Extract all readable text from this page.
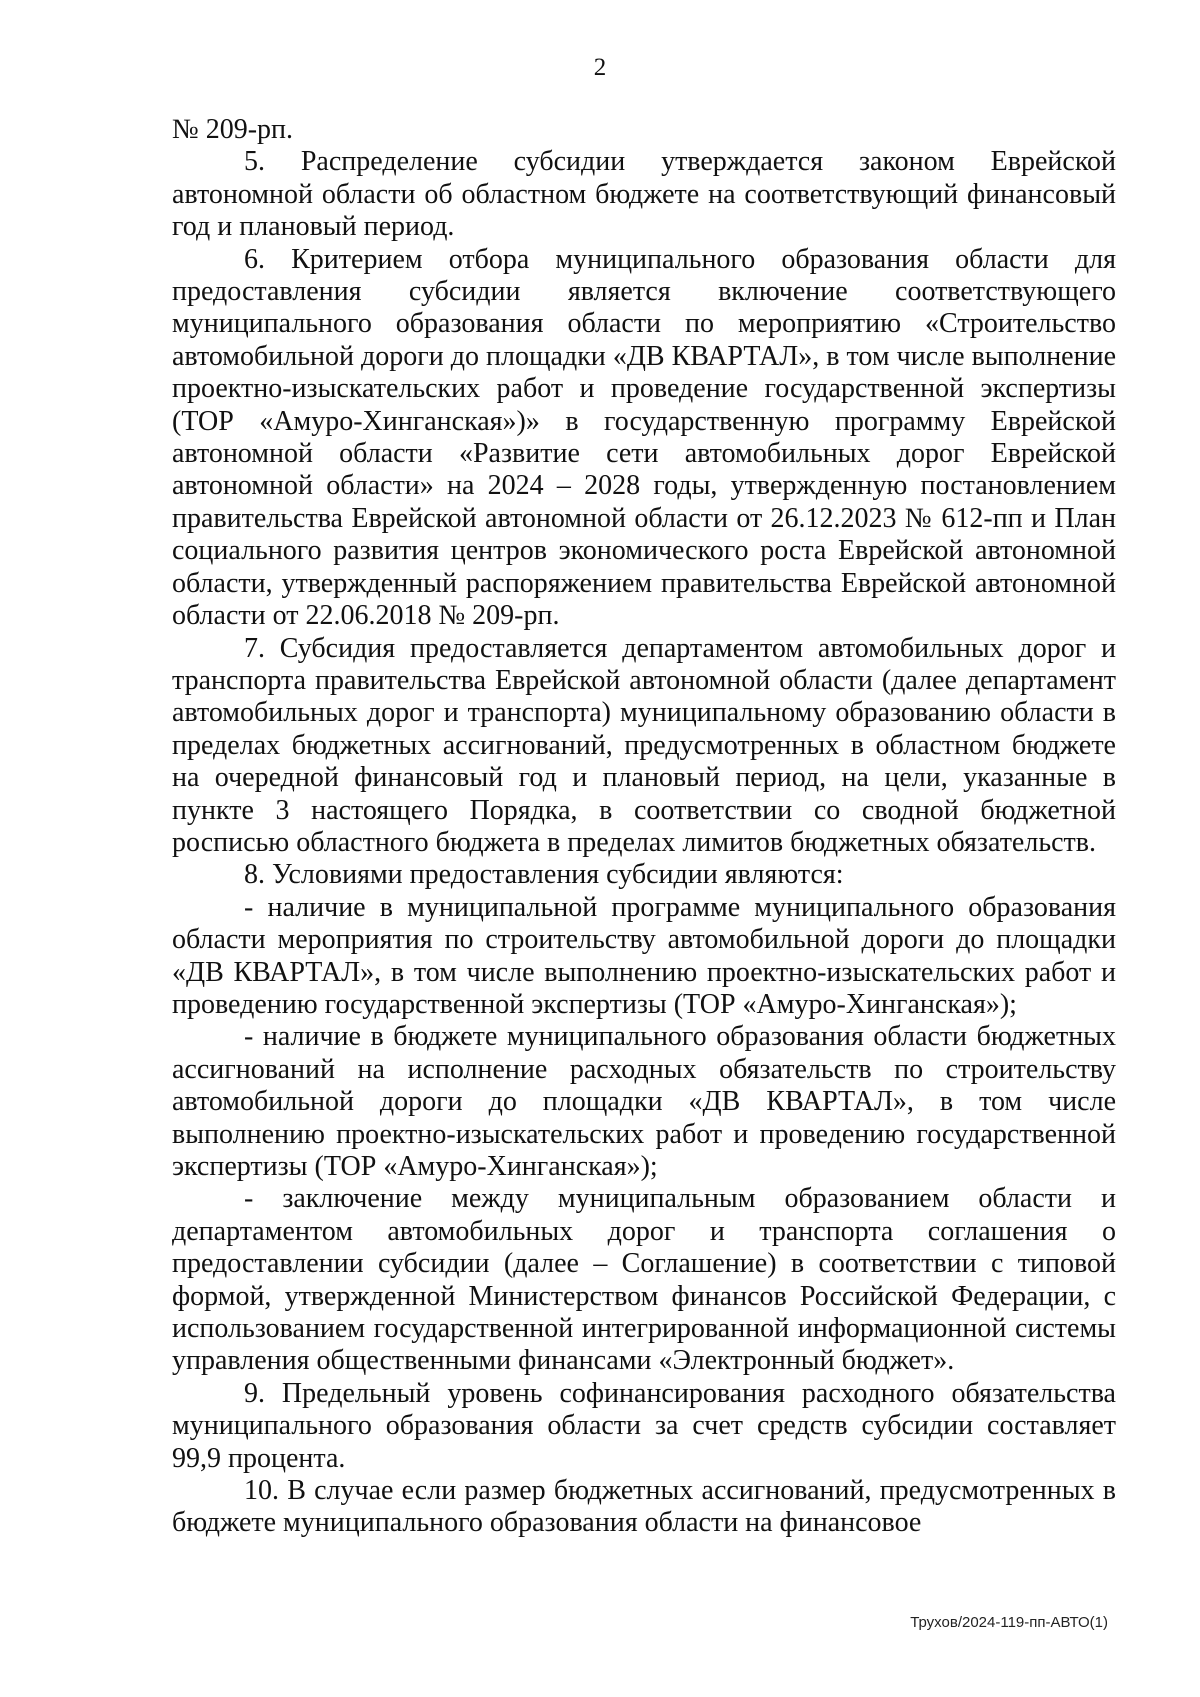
2

№ 209-рп.

5. Распределение субсидии утверждается законом Еврейской автономной области об областном бюджете на соответствующий финансовый год и плановый период.

6. Критерием отбора муниципального образования области для предоставления субсидии является включение соответствующего муниципального образования области по мероприятию «Строительство автомобильной дороги до площадки «ДВ КВАРТАЛ», в том числе выполнение проектно-изыскательских работ и проведение государственной экспертизы (ТОР «Амуро-Хинганская»)» в государственную программу Еврейской автономной области «Развитие сети автомобильных дорог Еврейской автономной области» на 2024 – 2028 годы, утвержденную постановлением правительства Еврейской автономной области от 26.12.2023 № 612-пп и План социального развития центров экономического роста Еврейской автономной области, утвержденный распоряжением правительства Еврейской автономной области от 22.06.2018 № 209-рп.

7. Субсидия предоставляется департаментом автомобильных дорог и транспорта правительства Еврейской автономной области (далее департамент автомобильных дорог и транспорта) муниципальному образованию области в пределах бюджетных ассигнований, предусмотренных в областном бюджете на очередной финансовый год и плановый период, на цели, указанные в пункте 3 настоящего Порядка, в соответствии со сводной бюджетной росписью областного бюджета в пределах лимитов бюджетных обязательств.

8. Условиями предоставления субсидии являются:

- наличие в муниципальной программе муниципального образования области мероприятия по строительству автомобильной дороги до площадки «ДВ КВАРТАЛ», в том числе выполнению проектно-изыскательских работ и проведению государственной экспертизы (ТОР «Амуро-Хинганская»);

- наличие в бюджете муниципального образования области бюджетных ассигнований на исполнение расходных обязательств по строительству автомобильной дороги до площадки «ДВ КВАРТАЛ», в том числе выполнению проектно-изыскательских работ и проведению государственной экспертизы (ТОР «Амуро-Хинганская»);

- заключение между муниципальным образованием области и департаментом автомобильных дорог и транспорта соглашения о предоставлении субсидии (далее – Соглашение) в соответствии с типовой формой, утвержденной Министерством финансов Российской Федерации, с использованием государственной интегрированной информационной системы управления общественными финансами «Электронный бюджет».

9. Предельный уровень софинансирования расходного обязательства муниципального образования области за счет средств субсидии составляет 99,9 процента.

10. В случае если размер бюджетных ассигнований, предусмотренных в бюджете муниципального образования области на финансовое

Трухов/2024-119-пп-АВТО(1)
